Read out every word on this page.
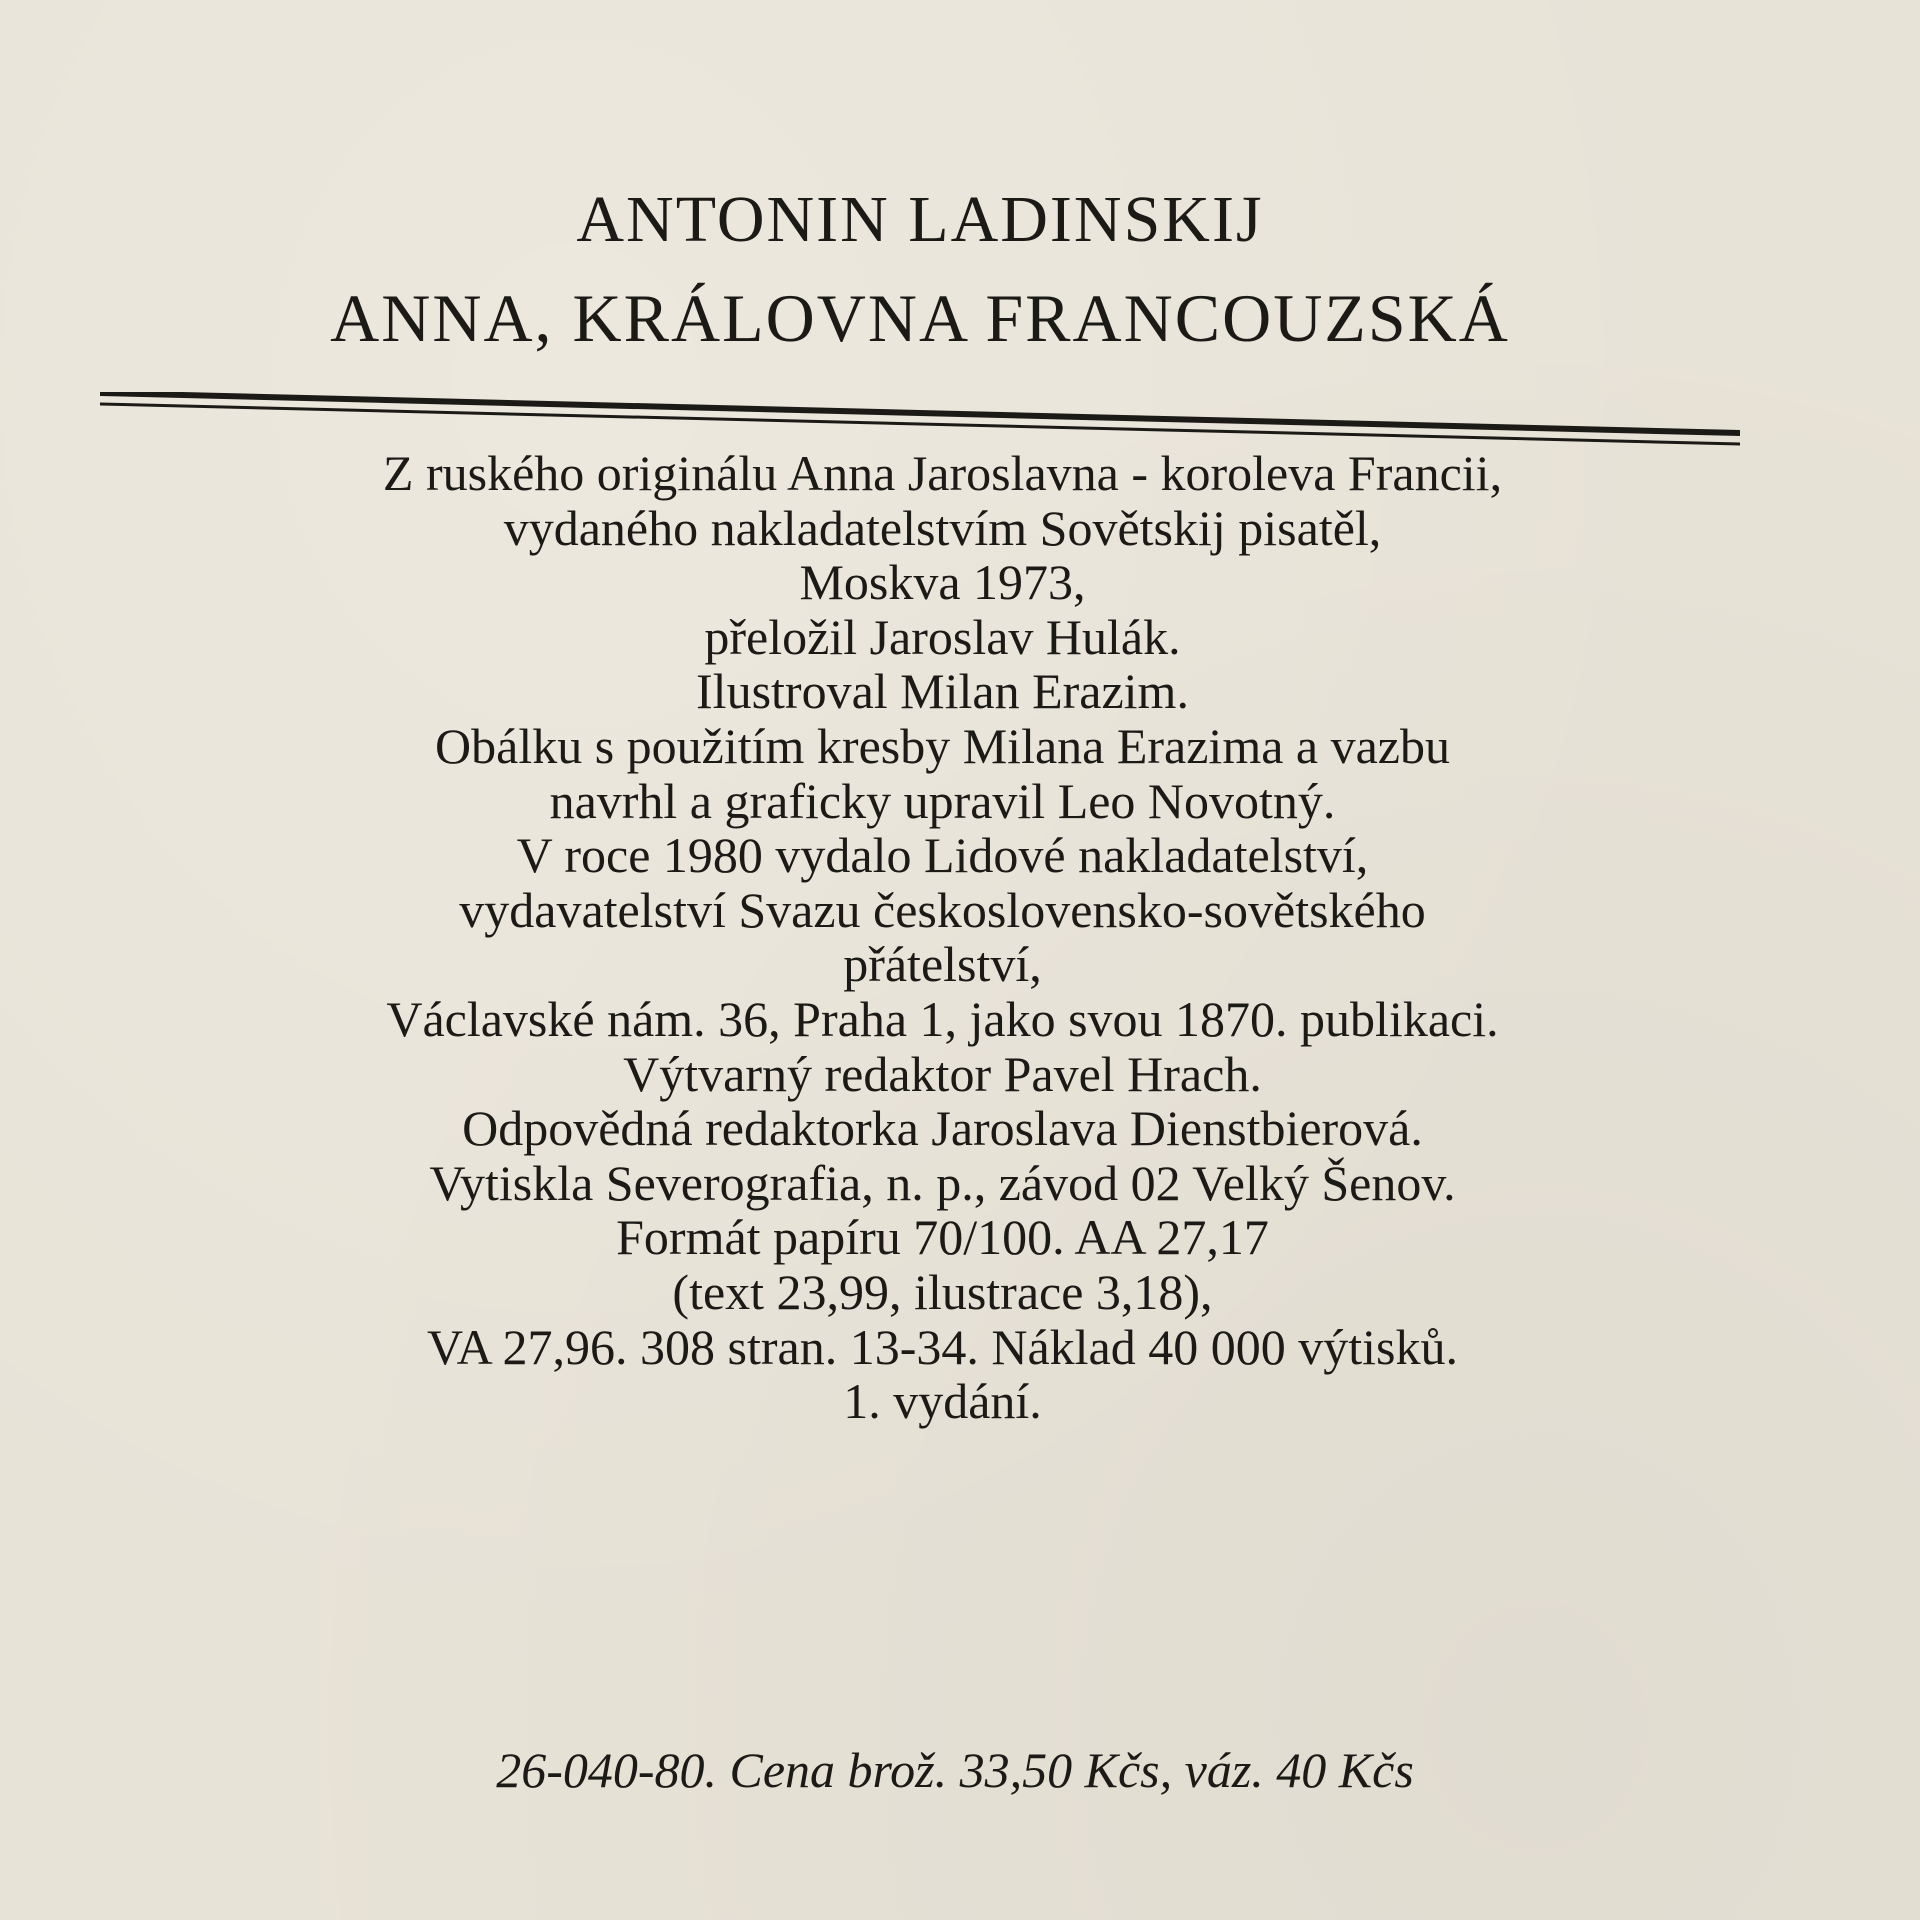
ANTONIN LADINSKIJ
ANNA, KRÁLOVNA FRANCOUZSKÁ
Z ruského originálu Anna Jaroslavna - koroleva Francii,
vydaného nakladatelstvím Sovětskij pisatěl,
Moskva 1973,
přeložil Jaroslav Hulák.
Ilustroval Milan Erazim.
Obálku s použitím kresby Milana Erazima a vazbu
navrhl a graficky upravil Leo Novotný.
V roce 1980 vydalo Lidové nakladatelství,
vydavatelství Svazu československo-sovětského
přátelství,
Václavské nám. 36, Praha 1, jako svou 1870. publikaci.
Výtvarný redaktor Pavel Hrach.
Odpovědná redaktorka Jaroslava Dienstbierová.
Vytiskla Severografia, n. p., závod 02 Velký Šenov.
Formát papíru 70/100. AA 27,17
(text 23,99, ilustrace 3,18),
VA 27,96. 308 stran. 13-34. Náklad 40 000 výtisků.
1. vydání.
26-040-80. Cena brož. 33,50 Kčs, váz. 40 Kčs
